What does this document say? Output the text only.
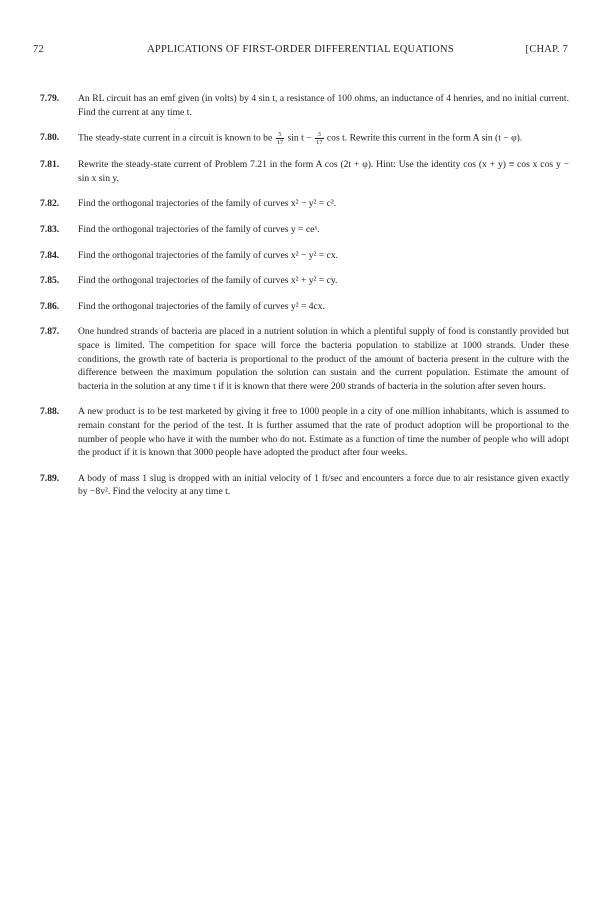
72	APPLICATIONS OF FIRST-ORDER DIFFERENTIAL EQUATIONS	[CHAP. 7
7.79. An RL circuit has an emf given (in volts) by 4 sin t, a resistance of 100 ohms, an inductance of 4 henries, and no initial current. Find the current at any time t.
7.80. The steady-state current in a circuit is known to be $\frac{5}{17}$ $\sin t - \frac{3}{17}$ cos t. Rewrite this current in the form A sin (t − φ).
7.81. Rewrite the steady-state current of Problem 7.21 in the form A cos (2t + φ). Hint: Use the identity cos (x + y) ≡ cos x cos y − sin x sin y.
7.82. Find the orthogonal trajectories of the family of curves x² − y² = c².
7.83. Find the orthogonal trajectories of the family of curves y = ceˣ.
7.84. Find the orthogonal trajectories of the family of curves x² − y² = cx.
7.85. Find the orthogonal trajectories of the family of curves x² + y² = cy.
7.86. Find the orthogonal trajectories of the family of curves y² = 4cx.
7.87. One hundred strands of bacteria are placed in a nutrient solution in which a plentiful supply of food is constantly provided but space is limited. The competition for space will force the bacteria population to stabilize at 1000 strands. Under these conditions, the growth rate of bacteria is proportional to the product of the amount of bacteria present in the culture with the difference between the maximum population the solution can sustain and the current population. Estimate the amount of bacteria in the solution at any time t if it is known that there were 200 strands of bacteria in the solution after seven hours.
7.88. A new product is to be test marketed by giving it free to 1000 people in a city of one million inhabitants, which is assumed to remain constant for the period of the test. It is further assumed that the rate of product adoption will be proportional to the number of people who have it with the number who do not. Estimate as a function of time the number of people who will adopt the product if it is known that 3000 people have adopted the product after four weeks.
7.89. A body of mass 1 slug is dropped with an initial velocity of 1 ft/sec and encounters a force due to air resistance given exactly by −8v². Find the velocity at any time t.
